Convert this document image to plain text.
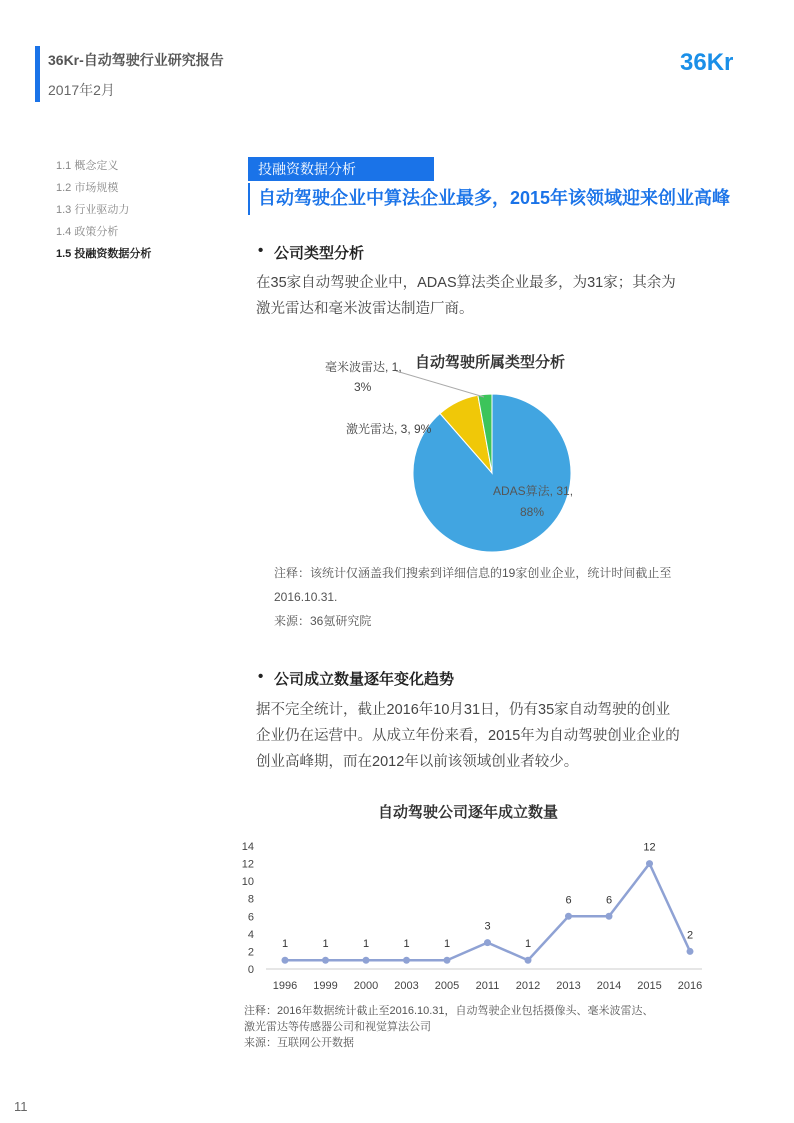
36Kr-自动驾驶行业研究报告
2017年2月
36Kr
1.1 概念定义
1.2 市场规模
1.3 行业驱动力
1.4 政策分析
1.5 投融资数据分析
投融资数据分析
自动驾驶企业中算法企业最多，2015年该领域迎来创业高峰
• 公司类型分析
在35家自动驾驶企业中，ADAS算法类企业最多，为31家；其余为
激光雷达和毫米波雷达制造厂商。
自动驾驶所属类型分析
毫米波雷达, 1,
3%
激光雷达, 3, 9%
ADAS算法, 31,
88%
注释：该统计仅涵盖我们搜索到详细信息的19家创业企业，统计时间截止至
2016.10.31.
来源：36氪研究院
• 公司成立数量逐年变化趋势
据不完全统计，截止2016年10月31日，仍有35家自动驾驶的创业
企业仍在运营中。从成立年份来看，2015年为自动驾驶创业企业的
创业高峰期，而在2012年以前该领域创业者较少。
自动驾驶公司逐年成立数量
0
2
4
6
8
10
12
14
1996 1999 2000 2003 2005 2011 2012 2013 2014 2015 2016
1	1	1	1	1
3
1
6	6
12
2
注释：2016年数据统计截止至2016.10.31，自动驾驶企业包括摄像头、毫米波雷达、
激光雷达等传感器公司和视觉算法公司
来源：互联网公开数据
11
